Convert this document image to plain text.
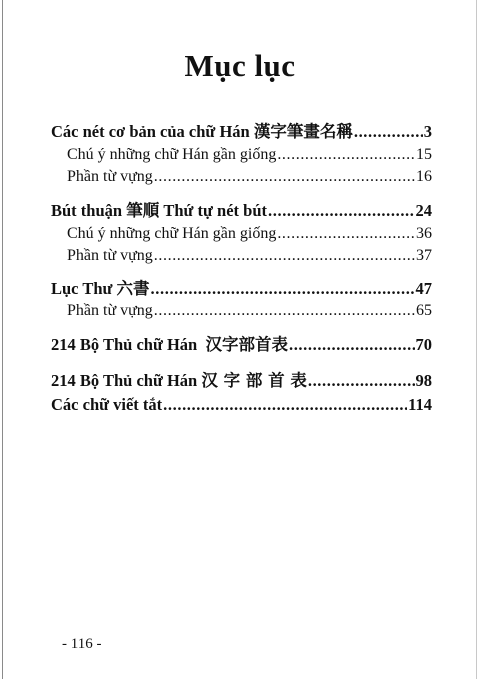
Mục lục
Các nét cơ bản của chữ Hán 漢字筆畫名稱 .....	3
Chú ý những chữ Hán gần giống .....	15
Phần từ vựng .....	16
Bút thuận 筆順 Thứ tự nét bút .....	24
Chú ý những chữ Hán gần giống .....	36
Phần từ vựng .....	37
Lục Thư 六書 .....	47
Phần từ vựng .....	65
214 Bộ Thủ chữ Hán 汉字部首表 .....	70
214 Bộ Thủ chữ Hán 汉 字 部 首 表 .....	98
Các chữ viết tắt .....	114
- 116 -
